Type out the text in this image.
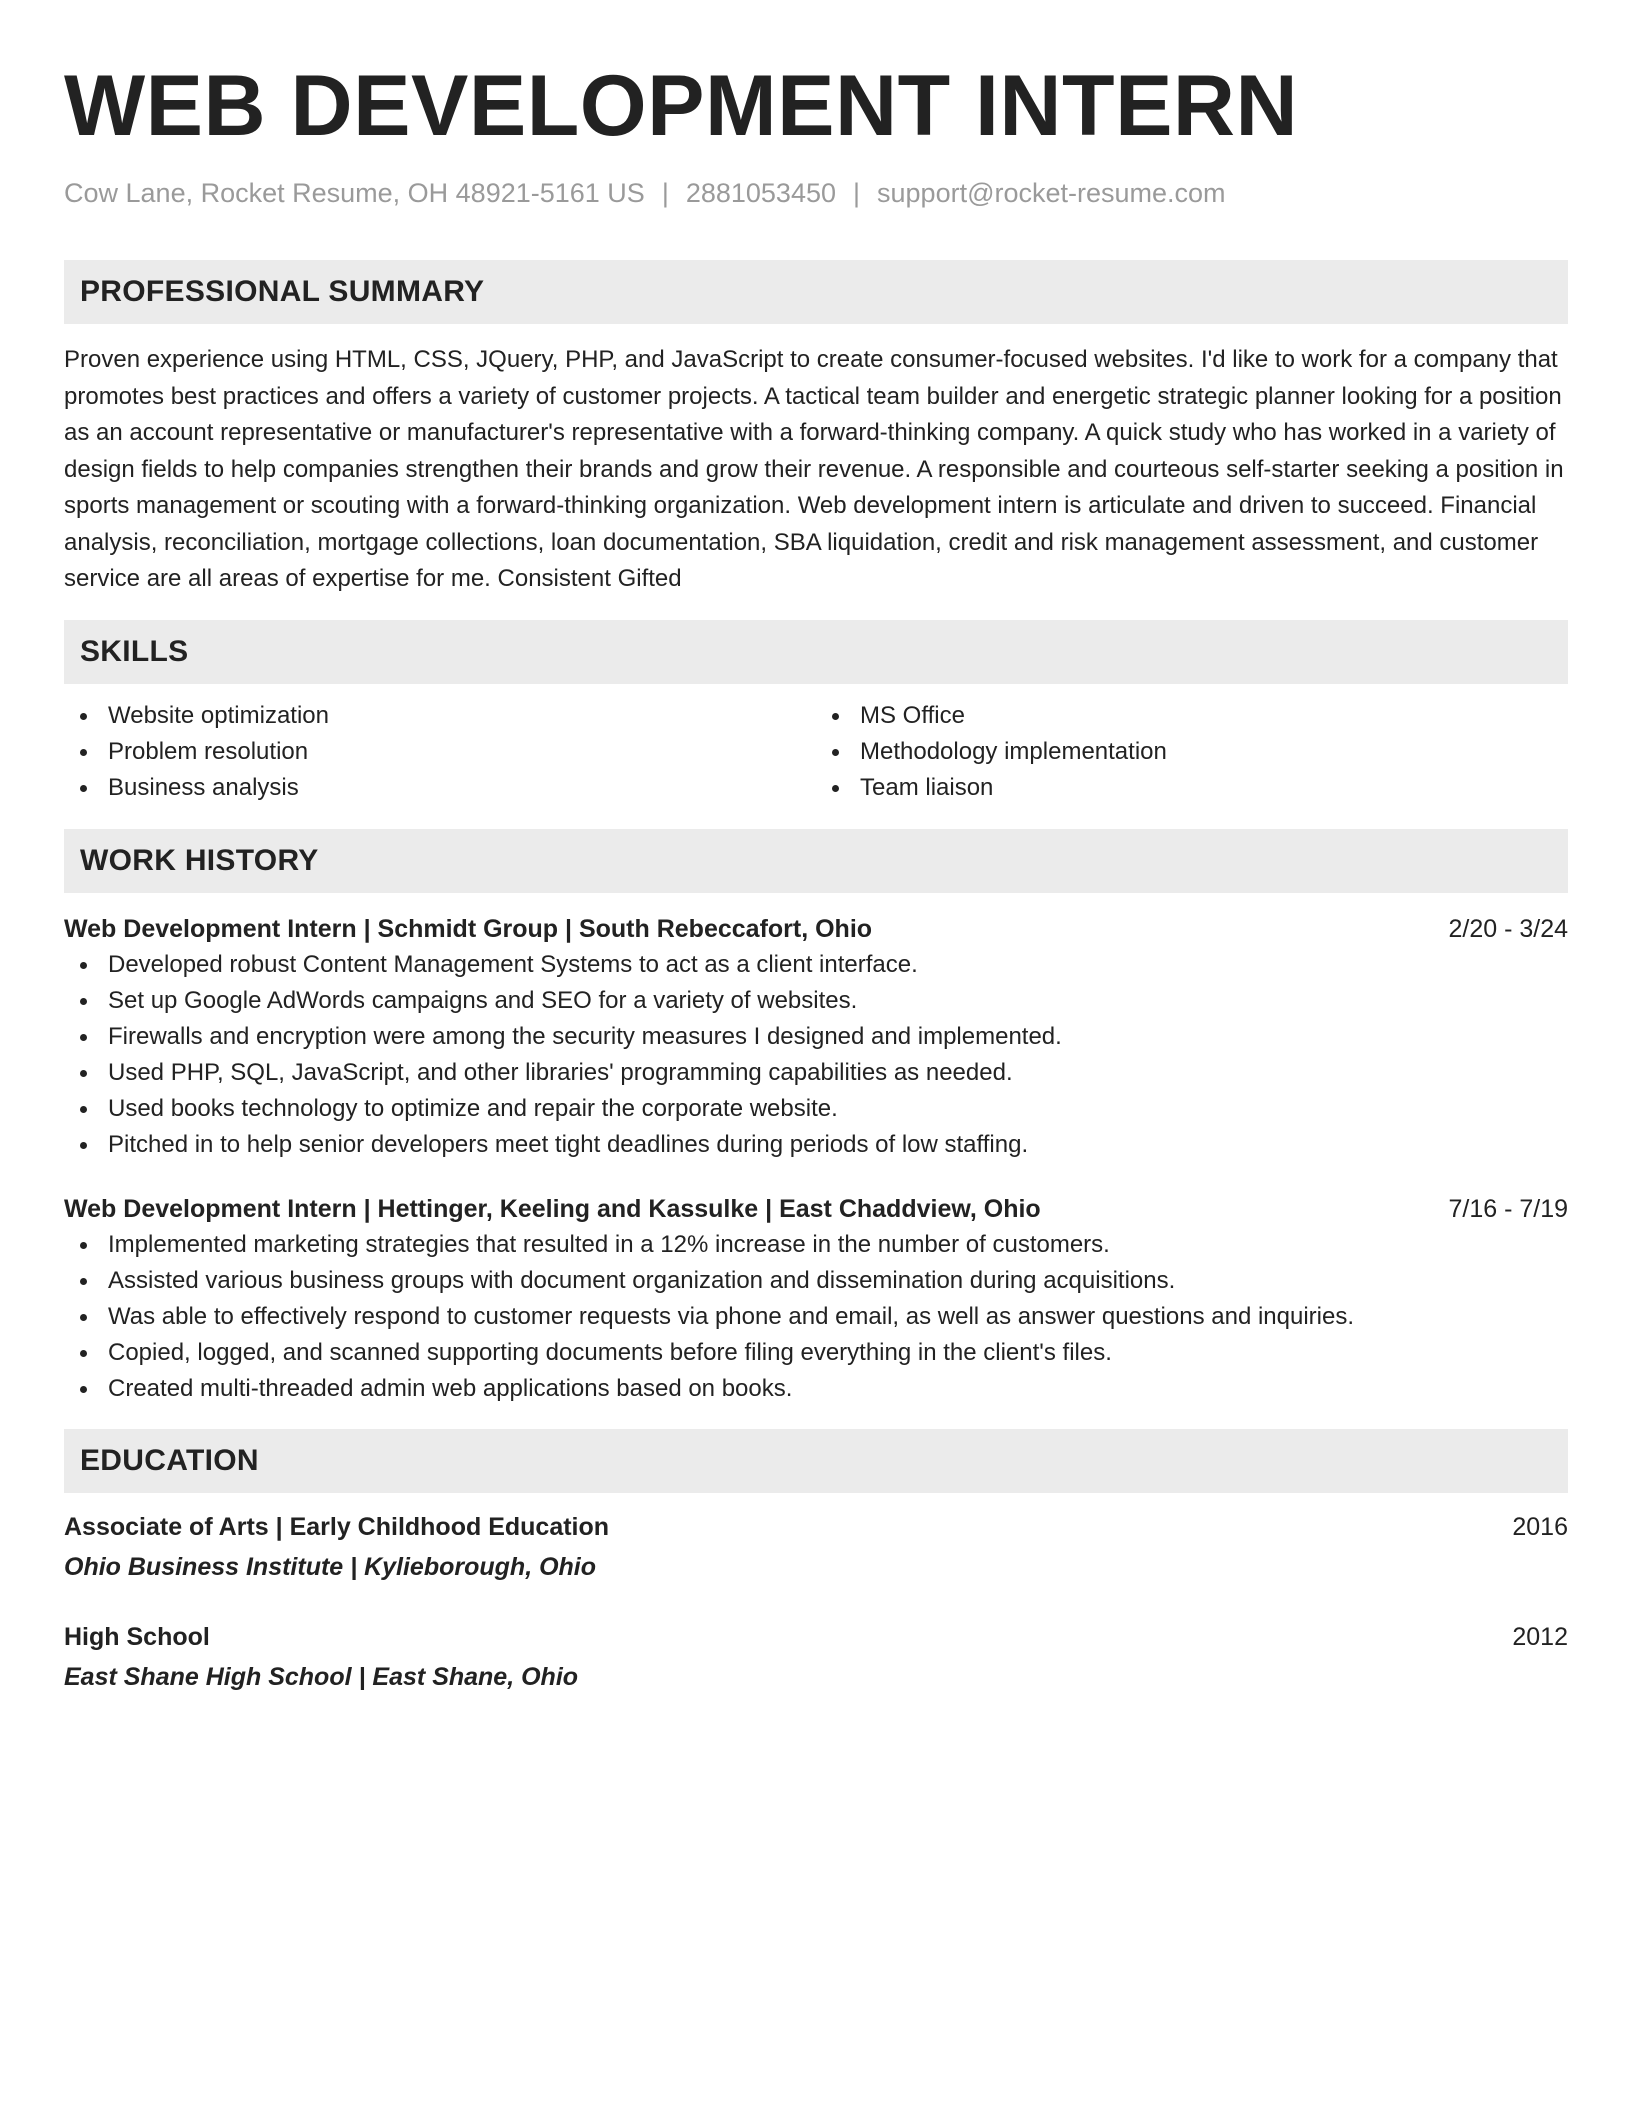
WEB DEVELOPMENT INTERN
Cow Lane, Rocket Resume, OH 48921-5161 US | 2881053450 | support@rocket-resume.com
PROFESSIONAL SUMMARY

Proven experience using HTML, CSS, JQuery, PHP, and JavaScript to create consumer-focused websites. I'd like to work for a company that promotes best practices and offers a variety of customer projects. A tactical team builder and energetic strategic planner looking for a position as an account representative or manufacturer's representative with a forward-thinking company. A quick study who has worked in a variety of design fields to help companies strengthen their brands and grow their revenue. A responsible and courteous self-starter seeking a position in sports management or scouting with a forward-thinking organization. Web development intern is articulate and driven to succeed. Financial analysis, reconciliation, mortgage collections, loan documentation, SBA liquidation, credit and risk management assessment, and customer service are all areas of expertise for me. Consistent Gifted

SKILLS
Website optimization
Problem resolution
Business analysis
MS Office
Methodology implementation
Team liaison
WORK HISTORY
Web Development Intern | Schmidt Group | South Rebeccafort, Ohio	2/20 - 3/24
Developed robust Content Management Systems to act as a client interface.
Set up Google AdWords campaigns and SEO for a variety of websites.
Firewalls and encryption were among the security measures I designed and implemented.
Used PHP, SQL, JavaScript, and other libraries' programming capabilities as needed.
Used books technology to optimize and repair the corporate website.
Pitched in to help senior developers meet tight deadlines during periods of low staffing.
Web Development Intern | Hettinger, Keeling and Kassulke | East Chaddview, Ohio	7/16 - 7/19
Implemented marketing strategies that resulted in a 12% increase in the number of customers.
Assisted various business groups with document organization and dissemination during acquisitions.
Was able to effectively respond to customer requests via phone and email, as well as answer questions and inquiries.
Copied, logged, and scanned supporting documents before filing everything in the client's files.
Created multi-threaded admin web applications based on books.
EDUCATION
Associate of Arts | Early Childhood Education	2016
Ohio Business Institute | Kylieborough, Ohio
High School	2012
East Shane High School | East Shane, Ohio
